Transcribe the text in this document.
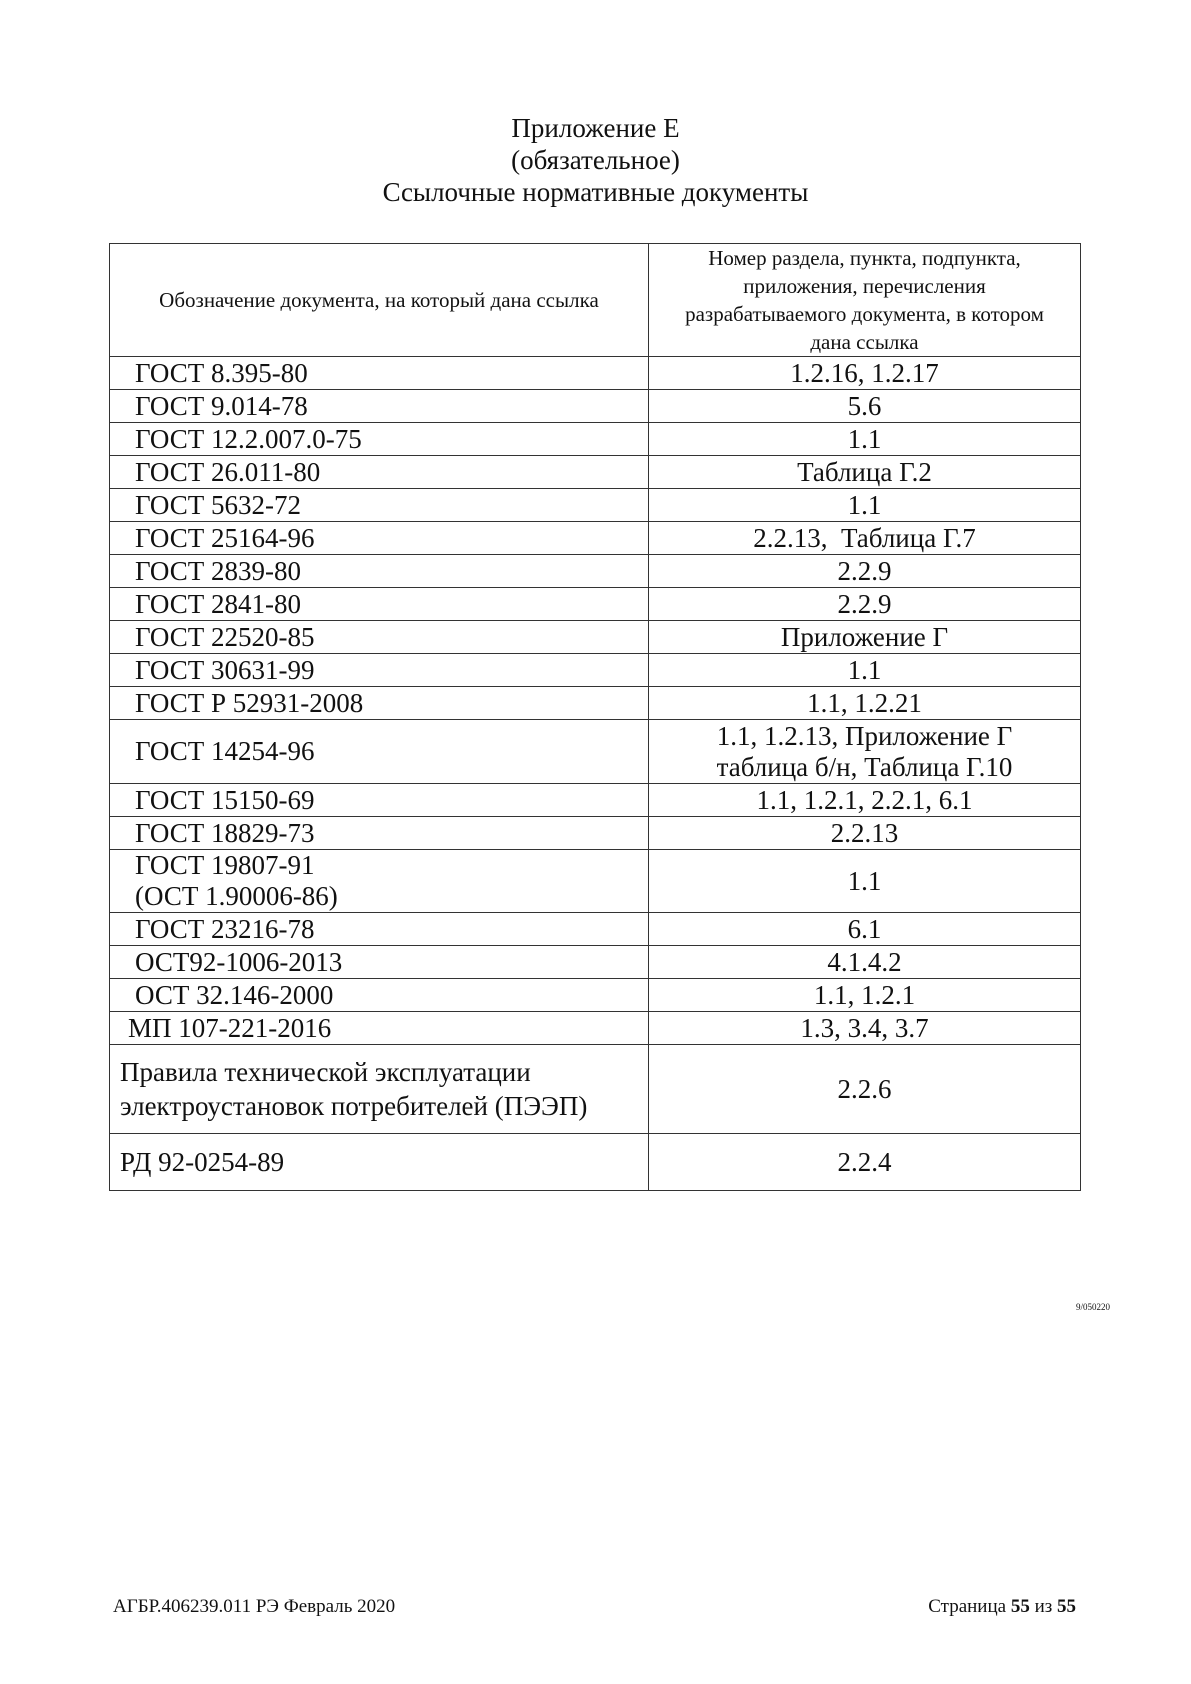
Приложение Е
(обязательное)
Ссылочные нормативные документы
Обозначение документа, на который дана ссылка	Номер раздела, пункта, подпункта, приложения, перечисления разрабатываемого документа, в котором дана ссылка
ГОСТ 8.395-80	1.2.16, 1.2.17
ГОСТ 9.014-78	5.6
ГОСТ 12.2.007.0-75	1.1
ГОСТ 26.011-80	Таблица Г.2
ГОСТ 5632-72	1.1
ГОСТ 25164-96	2.2.13,  Таблица Г.7
ГОСТ 2839-80	2.2.9
ГОСТ 2841-80	2.2.9
ГОСТ 22520-85	Приложение Г
ГОСТ 30631-99	1.1
ГОСТ Р 52931-2008	1.1, 1.2.21
ГОСТ 14254-96	1.1, 1.2.13, Приложение Г
таблица б/н, Таблица Г.10

ГОСТ 15150-69	1.1, 1.2.1, 2.2.1, 6.1
ГОСТ 18829-73	2.2.13

ГОСТ 19807-91
(ОСТ 1.90006-86)	1.1
ГОСТ 23216-78	6.1
ОСТ92-1006-2013	4.1.4.2
ОСТ 32.146-2000	1.1, 1.2.1
МП 107-221-2016	1.3, 3.4, 3.7

Правила технической эксплуатации
электроустановок потребителей (ПЭЭП)	2.2.6
РД 92-0254-89	2.2.4
9/050220
АГБР.406239.011 РЭ Февраль 2020	Страница 55 из 55
